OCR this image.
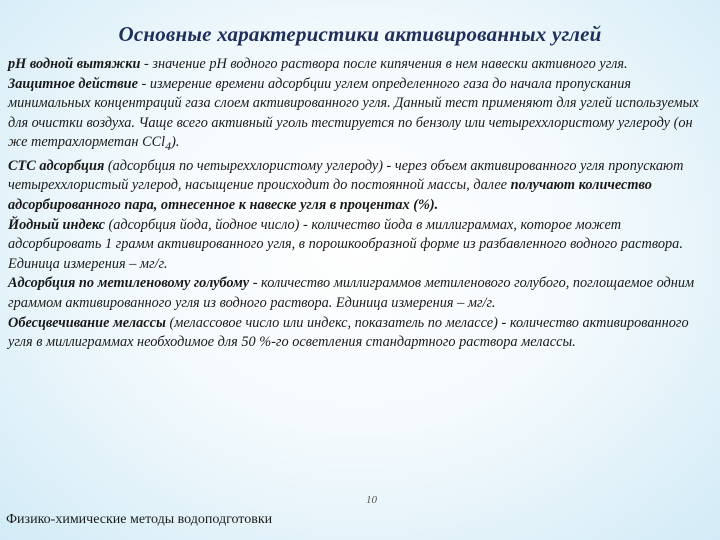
Основные характеристики активированных углей

рН водной вытяжки - значение рН водного раствора после кипячения в нем навески активного угля.

Защитное действие - измерение времени адсорбции углем определенного газа до начала пропускания минимальных концентраций газа слоем активированного угля. Данный тест применяют для углей используемых для очистки воздуха. Чаще всего активный уголь тестируется по бензолу или четыреххлористому углероду (он же тетрахлорметан CCl$_4$).

СТС адсорбция (адсорбция по четыреххлористому углероду) - через объем активированного угля пропускают четыреххлористый углерод, насыщение происходит до постоянной массы, далее получают количество адсорбированного пара, отнесенное к навеске угля в процентах (%).

Йодный индекс (адсорбция йода, йодное число) - количество йода в миллиграммах, которое может адсорбировать 1 грамм активированного угля, в порошкообразной форме из разбавленного водного раствора. Единица измерения – мг/г.

Адсорбция по метиленовому голубому - количество миллиграммов метиленового голубого, поглощаемое одним граммом активированного угля из водного раствора. Единица измерения – мг/г.

Обесцвечивание мелассы (мелассовое число или индекс, показатель по мелассе) - количество активированного угля в миллиграммах необходимое для 50 %-го осветления стандартного раствора мелассы.

10
Физико-химические методы водоподготовки
